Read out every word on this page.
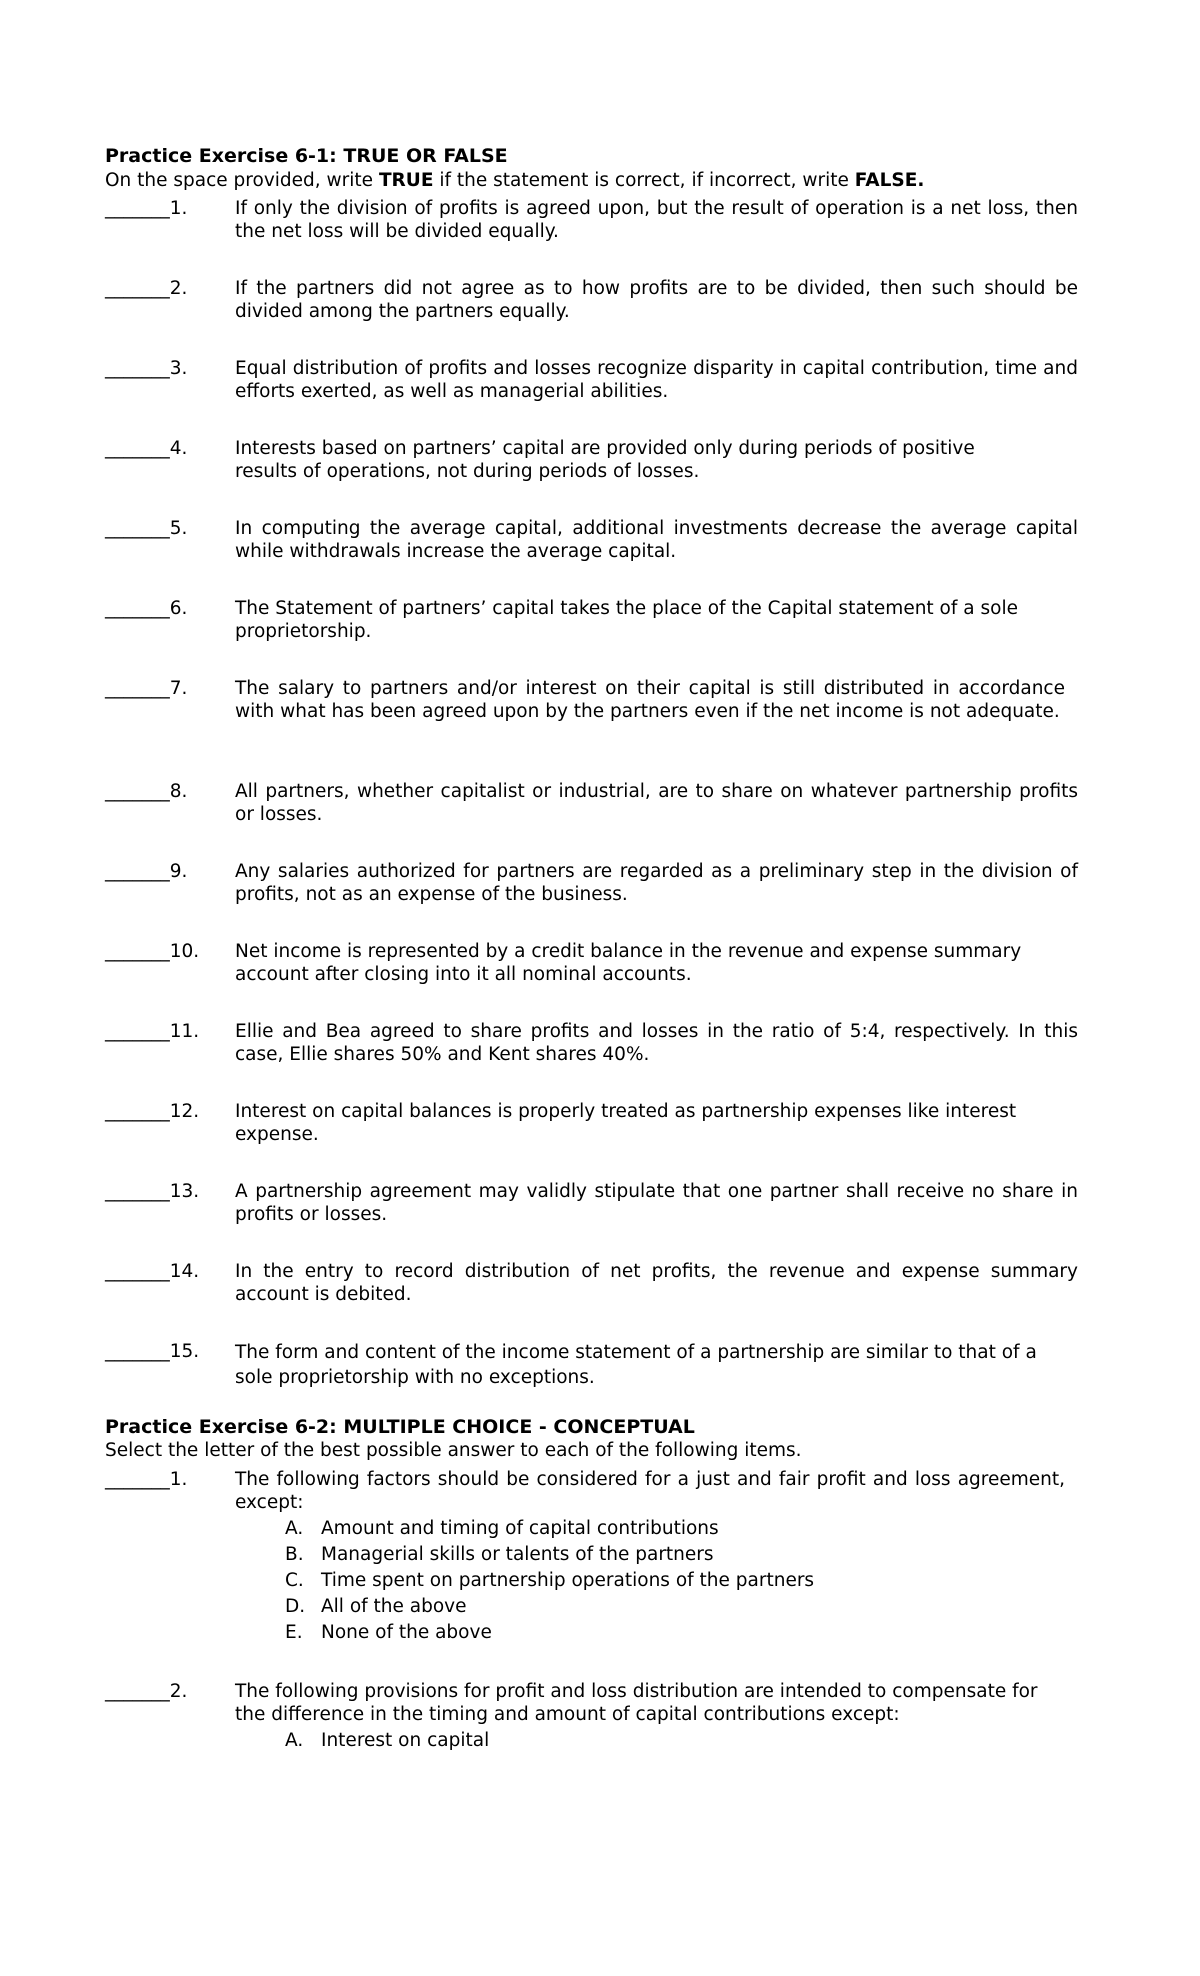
Practice Exercise 6-1: TRUE OR FALSE
On the space provided, write TRUE if the statement is correct, if incorrect, write FALSE.
_______1.	If only the division of profits is agreed upon, but the result of operation is a net loss, then the net loss will be divided equally.
_______2.	If the partners did not agree as to how profits are to be divided, then such should be divided among the partners equally.
_______3.	Equal distribution of profits and losses recognize disparity in capital contribution, time and efforts exerted, as well as managerial abilities.
_______4.	Interests based on partners’ capital are provided only during periods of positive results of operations, not during periods of losses.
_______5.	In computing the average capital, additional investments decrease the average capital while withdrawals increase the average capital.
_______6.	The Statement of partners’ capital takes the place of the Capital statement of a sole proprietorship.
_______7.	The salary to partners and/or interest on their capital is still distributed in accordance with what has been agreed upon by the partners even if the net income is not adequate.
_______8.	All partners, whether capitalist or industrial, are to share on whatever partnership profits or losses.
_______9.	Any salaries authorized for partners are regarded as a preliminary step in the division of profits, not as an expense of the business.
_______10. Net income is represented by a credit balance in the revenue and expense summary account after closing into it all nominal accounts.
_______11. Ellie and Bea agreed to share profits and losses in the ratio of 5:4, respectively. In this case, Ellie shares 50% and Kent shares 40%.
_______12. Interest on capital balances is properly treated as partnership expenses like interest expense.
_______13. A partnership agreement may validly stipulate that one partner shall receive no share in profits or losses.
_______14. In the entry to record distribution of net profits, the revenue and expense summary account is debited.
_______15. The form and content of the income statement of a partnership are similar to that of a sole proprietorship with no exceptions.
Practice Exercise 6-2: MULTIPLE CHOICE - CONCEPTUAL
Select the letter of the best possible answer to each of the following items.
_______1.	The following factors should be considered for a just and fair profit and loss agreement, except:
A. Amount and timing of capital contributions
B. Managerial skills or talents of the partners
C. Time spent on partnership operations of the partners
D. All of the above
E. None of the above
_______2.	The following provisions for profit and loss distribution are intended to compensate for the difference in the timing and amount of capital contributions except:
A. Interest on capital
